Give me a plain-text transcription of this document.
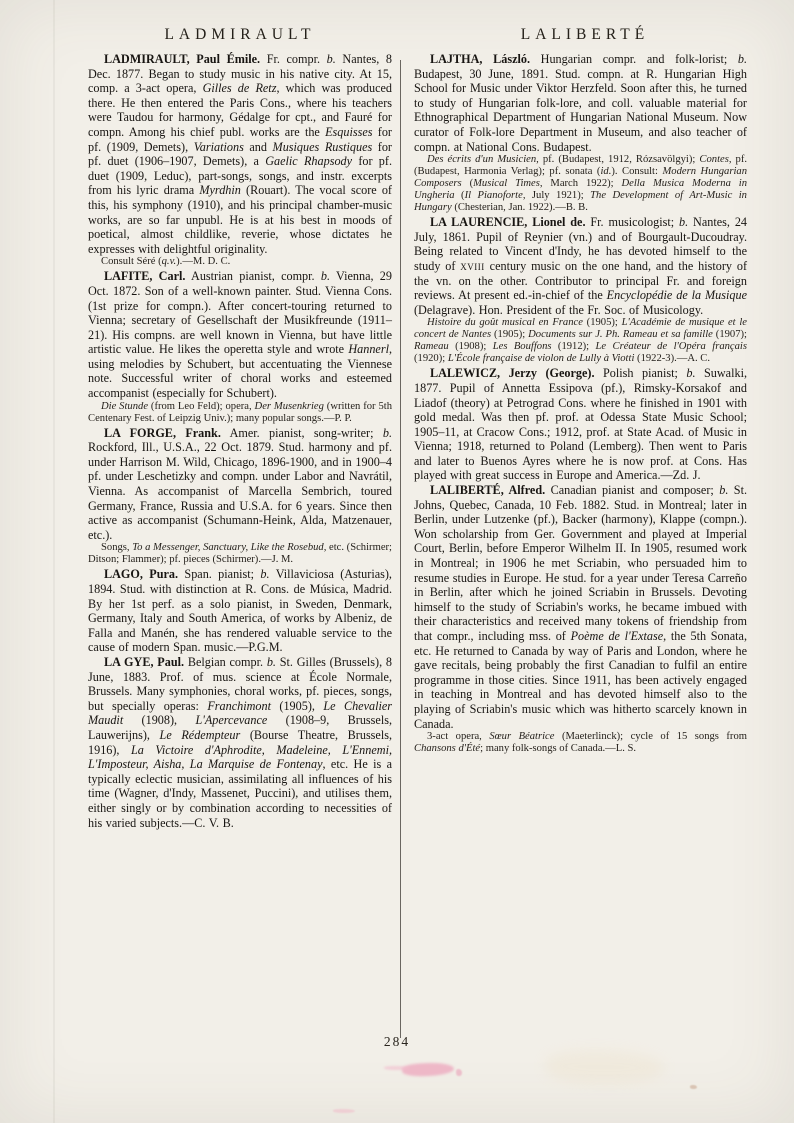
LADMIRAULT	LALIBERTÉ

LADMIRAULT, Paul Émile. Fr. compr. b. Nantes, 8 Dec. 1877. Began to study music in his native city. At 15, comp. a 3-act opera, Gilles de Retz, which was produced there. He then entered the Paris Cons., where his teachers were Taudou for harmony, Gédalge for cpt., and Fauré for compn. Among his chief publ. works are the Esquisses for pf. (1909, Demets), Variations and Musiques Rustiques for pf. duet (1906–1907, Demets), a Gaelic Rhapsody for pf. duet (1909, Leduc), part-songs, songs, and instr. excerpts from his lyric drama Myrdhin (Rouart). The vocal score of this, his symphony (1910), and his principal chamber-music works, are so far unpubl. He is at his best in moods of poetical, almost childlike, reverie, whose dictates he expresses with delightful originality.

Consult Séré (q.v.).—M. D. C.

LAFITE, Carl. Austrian pianist, compr. b. Vienna, 29 Oct. 1872. Son of a well-known painter. Stud. Vienna Cons. (1st prize for compn.). After concert-touring returned to Vienna; secretary of Gesellschaft der Musikfreunde (1911–21). His compns. are well known in Vienna, but have little artistic value. He likes the operetta style and wrote Hannerl, using melodies by Schubert, but accentuating the Viennese note. Successful writer of choral works and esteemed accompanist (especially for Schubert).

Die Stunde (from Leo Feld); opera, Der Musenkrieg (written for 5th Centenary Fest. of Leipzig Univ.); many popular songs.—P. P.

LA FORGE, Frank. Amer. pianist, song-writer; b. Rockford, Ill., U.S.A., 22 Oct. 1879. Stud. harmony and pf. under Harrison M. Wild, Chicago, 1896-1900, and in 1900–4 pf. under Leschetizky and compn. under Labor and Navrátil, Vienna. As accompanist of Marcella Sembrich, toured Germany, France, Russia and U.S.A. for 6 years. Since then active as accompanist (Schumann-Heink, Alda, Matzenauer, etc.).

Songs, To a Messenger, Sanctuary, Like the Rosebud, etc. (Schirmer; Ditson; Flammer); pf. pieces (Schirmer).—J. M.

LAGO, Pura. Span. pianist; b. Villaviciosa (Asturias), 1894. Stud. with distinction at R. Cons. de Música, Madrid. By her 1st perf. as a solo pianist, in Sweden, Denmark, Germany, Italy and South America, of works by Albeniz, de Falla and Manén, she has rendered valuable service to the cause of modern Span. music.—P.G.M.

LA GYE, Paul. Belgian compr. b. St. Gilles (Brussels), 8 June, 1883. Prof. of mus. science at École Normale, Brussels. Many symphonies, choral works, pf. pieces, songs, but specially operas: Franchimont (1905), Le Chevalier Maudit (1908), L'Apercevance (1908–9, Brussels, Lauwerijns), Le Rédempteur (Bourse Theatre, Brussels, 1916), La Victoire d'Aphrodite, Madeleine, L'Ennemi, L'Imposteur, Aisha, La Marquise de Fontenay, etc. He is a typically eclectic musician, assimilating all influences of his time (Wagner, d'Indy, Massenet, Puccini), and utilises them, either singly or by combination according to necessities of his varied subjects.—C. V. B.

LAJTHA, László. Hungarian compr. and folk-lorist; b. Budapest, 30 June, 1891. Stud. compn. at R. Hungarian High School for Music under Viktor Herzfeld. Soon after this, he turned to study of Hungarian folk-lore, and coll. valuable material for Ethnographical Department of Hungarian National Museum. Now curator of Folk-lore Department in Museum, and also teacher of compn. at National Cons. Budapest.

Des écrits d'un Musicien, pf. (Budapest, 1912, Rózsavölgyi); Contes, pf. (Budapest, Harmonia Verlag); pf. sonata (id.). Consult: Modern Hungarian Composers (Musical Times, March 1922); Della Musica Moderna in Ungheria (Il Pianoforte, July 1921); The Development of Art-Music in Hungary (Chesterian, Jan. 1922).—B. B.

LA LAURENCIE, Lionel de. Fr. musicologist; b. Nantes, 24 July, 1861. Pupil of Reynier (vn.) and of Bourgault-Ducoudray. Being related to Vincent d'Indy, he has devoted himself to the study of xviii century music on the one hand, and the history of the vn. on the other. Contributor to principal Fr. and foreign reviews. At present ed.-in-chief of the Encyclopédie de la Musique (Delagrave). Hon. President of the Fr. Soc. of Musicology.

Histoire du goût musical en France (1905); L'Académie de musique et le concert de Nantes (1905); Documents sur J. Ph. Rameau et sa famille (1907); Rameau (1908); Les Bouffons (1912); Le Créateur de l'Opéra français (1920); L'École française de violon de Lully à Viotti (1922-3).—A. C.

LALEWICZ, Jerzy (George). Polish pianist; b. Suwalki, 1877. Pupil of Annetta Essipova (pf.), Rimsky-Korsakof and Liadof (theory) at Petrograd Cons. where he finished in 1901 with gold medal. Was then pf. prof. at Odessa State Music School; 1905–11, at Cracow Cons.; 1912, prof. at State Acad. of Music in Vienna; 1918, returned to Poland (Lemberg). Then went to Paris and later to Buenos Ayres where he is now prof. at Cons. Has played with great success in Europe and America.—Zd. J.

LALIBERTÉ, Alfred. Canadian pianist and composer; b. St. Johns, Quebec, Canada, 10 Feb. 1882. Stud. in Montreal; later in Berlin, under Lutzenke (pf.), Backer (harmony), Klappe (compn.). Won scholarship from Ger. Government and played at Imperial Court, Berlin, before Emperor Wilhelm II. In 1905, resumed work in Montreal; in 1906 he met Scriabin, who persuaded him to resume studies in Europe. He stud. for a year under Teresa Carreño in Berlin, after which he joined Scriabin in Brussels. Devoting himself to the study of Scriabin's works, he became imbued with their characteristics and received many tokens of friendship from that compr., including mss. of Poème de l'Extase, the 5th Sonata, etc. He returned to Canada by way of Paris and London, where he gave recitals, being probably the first Canadian to fulfil an entire programme in those cities. Since 1911, has been actively engaged in teaching in Montreal and has devoted himself also to the playing of Scriabin's music which was hitherto scarcely known in Canada.

3-act opera, Sœur Béatrice (Maeterlinck); cycle of 15 songs from Chansons d'Été; many folk-songs of Canada.—L. S.

284
